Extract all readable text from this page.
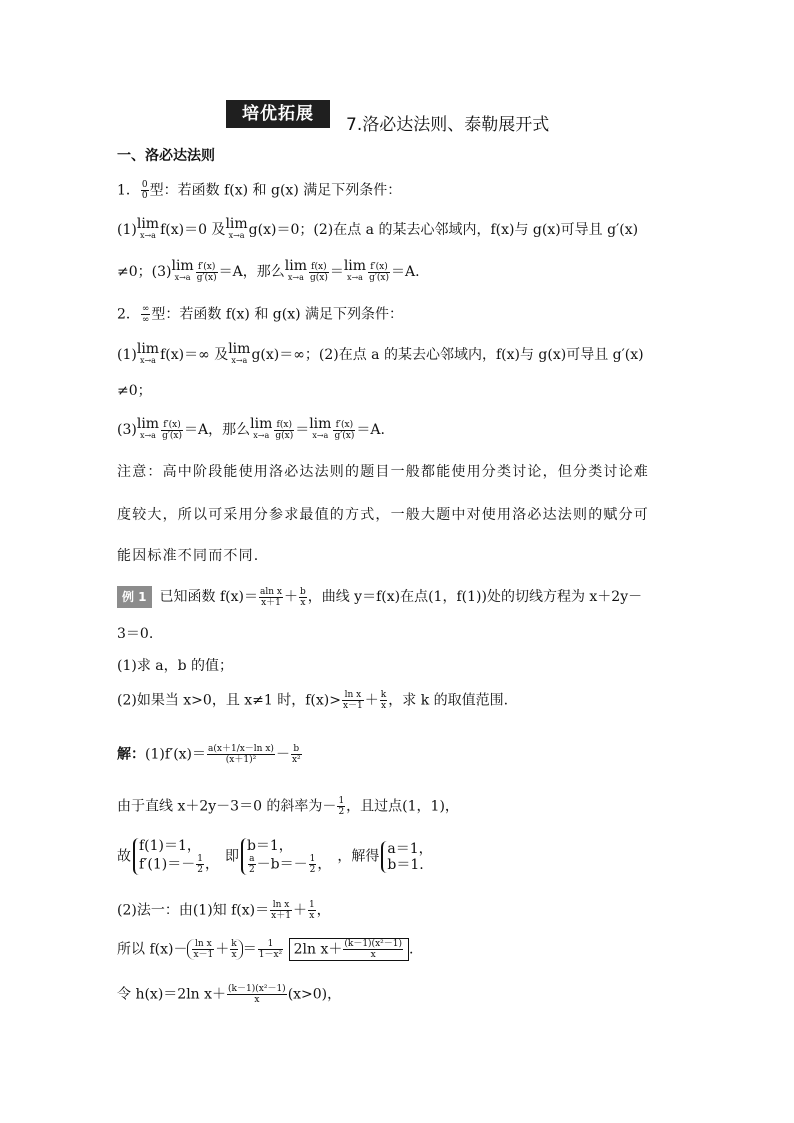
培优拓展
7.洛必达法则、泰勒展开式
一、洛必达法则
1． $\frac{0}{0}$ 型：若函数 f(x) 和 g(x) 满足下列条件：
(1) lim
x→a f(x)＝0 及 lim
x→a g(x)＝0；(2)在点 a 的某去心邻域内，f(x)与 g(x)可导且 g′(x)
≠0；(3) lim
$x\to a \frac{f'(x)}{g'(x)} =A$，那么 lim
$x\to a \frac{f(x)}{g(x)} = \lim$
$x\to a \frac{f'(x)}{g'(x)} =A$.
2． $\frac{\infty}{\infty}$ 型：若函数 f(x) 和 g(x) 满足下列条件：
(1) lim
x→a f(x)＝∞ 及 lim
x→a g(x)＝∞；(2)在点 a 的某去心邻域内，f(x)与 g(x)可导且 g′(x)
≠0；
(3) lim
$x\to a \frac{f'(x)}{g'(x)} =A$，那么 lim
$x\to a \frac{f(x)}{g(x)} = \lim$
$x\to a \frac{f'(x)}{g'(x)} =A$.
注意：高中阶段能使用洛必达法则的题目一般都能使用分类讨论，但分类讨论难
度较大，所以可采用分参求最值的方式，一般大题中对使用洛必达法则的赋分可
能因标准不同而不同.
例 1 已知函数 $f(x)= \frac{\text{aln x}}{x+1} + \frac{b}{x}$ ，曲线 y＝f(x)在点(1，f(1))处的切线方程为 x＋2y－
3＝0.
(1)求 a，b 的值；
(2)如果当 x>0，且 x≠1 时，$f(x)> \frac{\text{ln x}}{x-1} + \frac{k}{x}$ ，求 k 的取值范围.
解：$(1)f'(x)= \frac{\text{a(x＋1/x－ln x)}}{\text{(x＋1)²}} - \frac{b}{\text{x²}}$
由于直线 x＋2y－3＝0 的斜率为－ $\frac{1}{2}$ ，且过点(1，1)，
故f(1)＝1，
$f'(1)=- \frac{1}{2}$ ， 即b＝1，

$\frac{a}{2} -b=- \frac{1}{2}$ ， ，解得 a＝1，
b＝1.
(2)法一：由(1)知 $f(x)= \frac{\text{ln x}}{x+1} + \frac{1}{x}$ ，
所以 $f(x)- \frac{\text{ln x}}{x-1} + \frac{k}{x} = \frac{1}{\text{1－x²}} 2\ln$ $x+ \frac{\text{(k－1)(x²－1)}}{x}$ .
令 h(x)＝2ln $x+ \frac{\text{(k－1)(x²－1)}}{x} (x>0)$，
